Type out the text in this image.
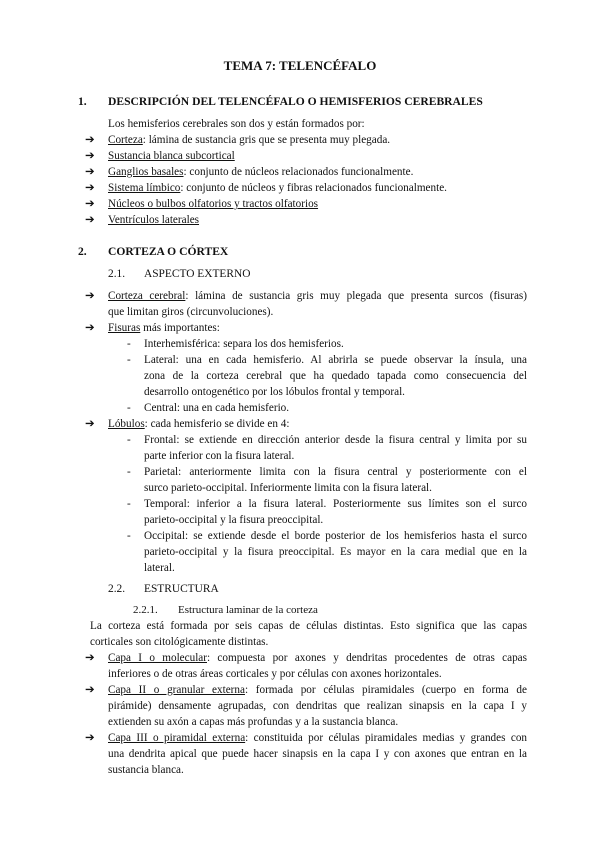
TEMA 7: TELENCÉFALO
1. DESCRIPCIÓN DEL TELENCÉFALO O HEMISFERIOS CEREBRALES
Los hemisferios cerebrales son dos y están formados por:
➔ Corteza: lámina de sustancia gris que se presenta muy plegada.
➔ Sustancia blanca subcortical
➔ Ganglios basales: conjunto de núcleos relacionados funcionalmente.
➔ Sistema límbico: conjunto de núcleos y fibras relacionados funcionalmente.
➔ Núcleos o bulbos olfatorios y tractos olfatorios
➔ Ventrículos laterales
2. CORTEZA O CÓRTEX
2.1. ASPECTO EXTERNO
➔ Corteza cerebral: lámina de sustancia gris muy plegada que presenta surcos (fisuras)
que limitan giros (circunvoluciones).
➔ Fisuras más importantes:
- Interhemisférica: separa los dos hemisferios.
- Lateral: una en cada hemisferio. Al abrirla se puede observar la ínsula, una
zona de la corteza cerebral que ha quedado tapada como consecuencia del
desarrollo ontogenético por los lóbulos frontal y temporal.
- Central: una en cada hemisferio.
➔ Lóbulos: cada hemisferio se divide en 4:
- Frontal: se extiende en dirección anterior desde la fisura central y limita por su
parte inferior con la fisura lateral.
- Parietal: anteriormente limita con la fisura central y posteriormente con el
surco parieto-occipital. Inferiormente limita con la fisura lateral.
- Temporal: inferior a la fisura lateral. Posteriormente sus límites son el surco
parieto-occipital y la fisura preoccipital.
- Occipital: se extiende desde el borde posterior de los hemisferios hasta el surco
parieto-occipital y la fisura preoccipital. Es mayor en la cara medial que en la
lateral.
2.2. ESTRUCTURA
2.2.1. Estructura laminar de la corteza
La corteza está formada por seis capas de células distintas. Esto significa que las capas
corticales son citológicamente distintas.
➔ Capa I o molecular: compuesta por axones y dendritas procedentes de otras capas
inferiores o de otras áreas corticales y por células con axones horizontales.
➔ Capa II o granular externa: formada por células piramidales (cuerpo en forma de
pirámide) densamente agrupadas, con dendritas que realizan sinapsis en la capa I y
extienden su axón a capas más profundas y a la sustancia blanca.
➔ Capa III o piramidal externa: constituida por células piramidales medias y grandes con
una dendrita apical que puede hacer sinapsis en la capa I y con axones que entran en la
sustancia blanca.
